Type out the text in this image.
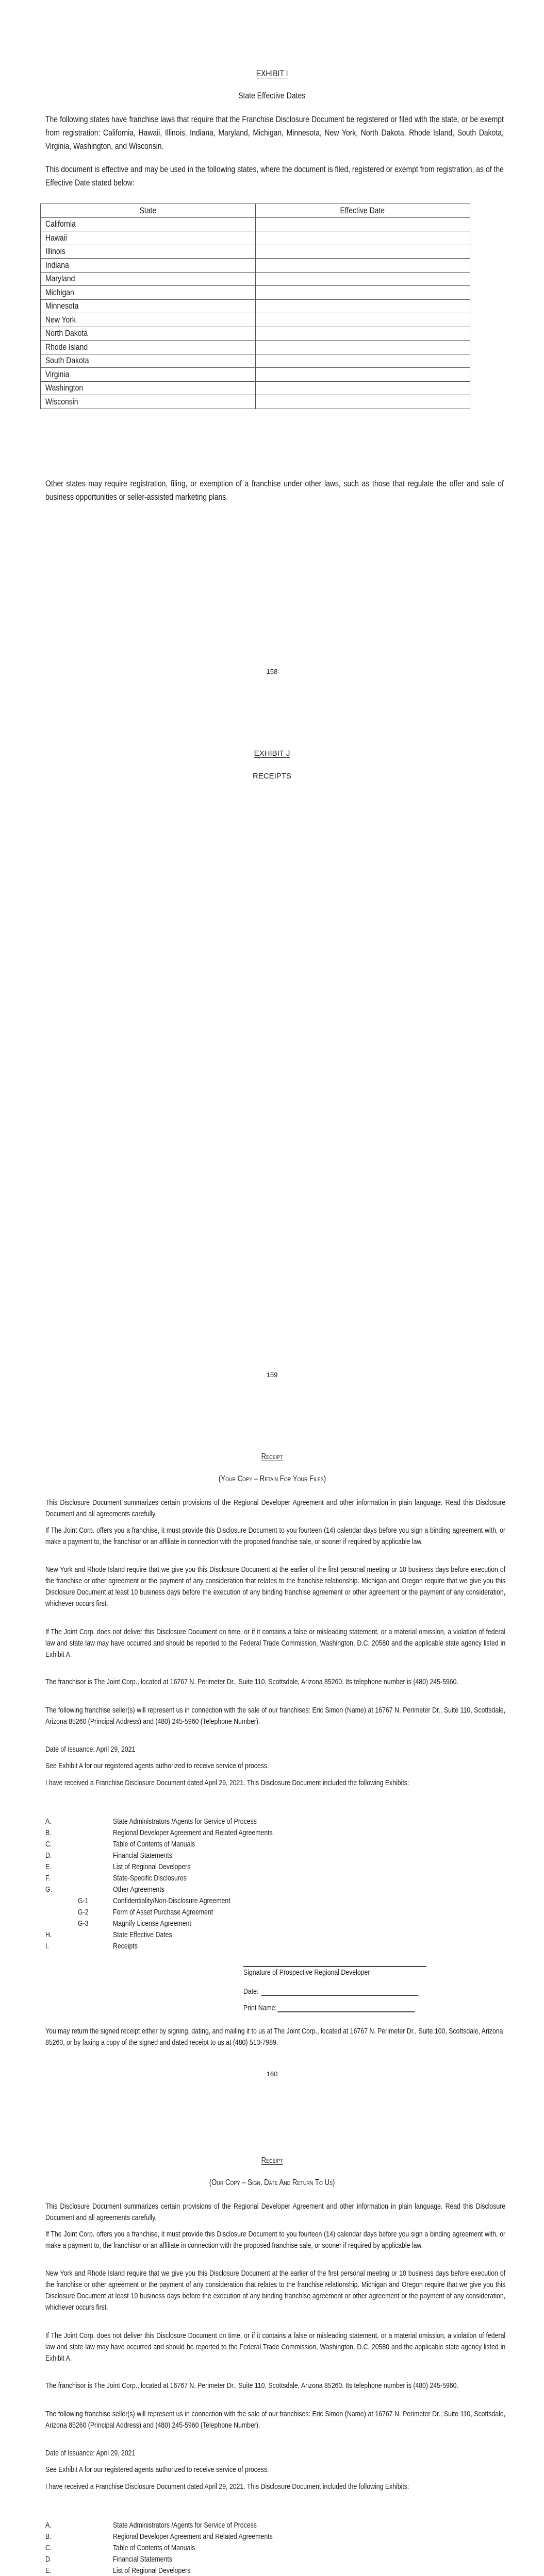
EXHIBIT I
State Effective Dates

The following states have franchise laws that require that the Franchise Disclosure Document be registered or filed with the state, or be exempt from registration: California, Hawaii, Illinois, Indiana, Maryland, Michigan, Minnesota, New York, North Dakota, Rhode Island, South Dakota, Virginia, Washington, and Wisconsin.

This document is effective and may be used in the following states, where the document is filed, registered or exempt from registration, as of the Effective Date stated below:

State	Effective Date
California	
Hawaii	
Illinois	
Indiana	
Maryland	
Michigan	
Minnesota	
New York	
North Dakota	
Rhode Island	
South Dakota	
Virginia	
Washington	
Wisconsin	

Other states may require registration, filing, or exemption of a franchise under other laws, such as those that regulate the offer and sale of business opportunities or seller-assisted marketing plans.

158
EXHIBIT J
RECEIPTS
159
Receipt
(Your Copy – Retain For Your Files)

This Disclosure Document summarizes certain provisions of the Regional Developer Agreement and other information in plain language. Read this Disclosure Document and all agreements carefully.

If The Joint Corp. offers you a franchise, it must provide this Disclosure Document to you fourteen (14) calendar days before you sign a binding agreement with, or make a payment to, the franchisor or an affiliate in connection with the proposed franchise sale, or sooner if required by applicable law.

New York and Rhode Island require that we give you this Disclosure Document at the earlier of the first personal meeting or 10 business days before execution of the franchise or other agreement or the payment of any consideration that relates to the franchise relationship. Michigan and Oregon require that we give you this Disclosure Document at least 10 business days before the execution of any binding franchise agreement or other agreement or the payment of any consideration, whichever occurs first.

If The Joint Corp. does not deliver this Disclosure Document on time, or if it contains a false or misleading statement, or a material omission, a violation of federal law and state law may have occurred and should be reported to the Federal Trade Commission, Washington, D.C. 20580 and the applicable state agency listed in Exhibit A.

The franchisor is The Joint Corp., located at 16767 N. Perimeter Dr., Suite 110, Scottsdale, Arizona 85260. Its telephone number is (480) 245-5960.

The following franchise seller(s) will represent us in connection with the sale of our franchises: Eric Simon (Name) at 16767 N. Perimeter Dr., Suite 110, Scottsdale, Arizona 85260 (Principal Address) and (480) 245-5960 (Telephone Number).

Date of Issuance: April 29, 2021

See Exhibit A for our registered agents authorized to receive service of process.

I have received a Franchise Disclosure Document dated April 29, 2021. This Disclosure Document included the following Exhibits:

A.	State Administrators /Agents for Service of Process
B.	Regional Developer Agreement and Related Agreements
C.	Table of Contents of Manuals
D.	Financial Statements
E.	List of Regional Developers
F.	State-Specific Disclosures
G.	Other Agreements
G-1	Confidentiality/Non-Disclosure Agreement
G-2	Form of Asset Purchase Agreement
G-3	Magnify License Agreement
H.	State Effective Dates
I.	Receipts
Signature of Prospective Regional Developer
Date:
Print Name:

You may return the signed receipt either by signing, dating, and mailing it to us at The Joint Corp., located at 16767 N. Perimeter Dr., Suite 100, Scottsdale, Arizona 85260, or by faxing a copy of the signed and dated receipt to us at (480) 513-7989.

160
Receipt
(Our Copy – Sign, Date And Return To Us)

This Disclosure Document summarizes certain provisions of the Regional Developer Agreement and other information in plain language. Read this Disclosure Document and all agreements carefully.

If The Joint Corp. offers you a franchise, it must provide this Disclosure Document to you fourteen (14) calendar days before you sign a binding agreement with, or make a payment to, the franchisor or an affiliate in connection with the proposed franchise sale, or sooner if required by applicable law.

New York and Rhode Island require that we give you this Disclosure Document at the earlier of the first personal meeting or 10 business days before execution of the franchise or other agreement or the payment of any consideration that relates to the franchise relationship. Michigan and Oregon require that we give you this Disclosure Document at least 10 business days before the execution of any binding franchise agreement or other agreement or the payment of any consideration, whichever occurs first.

If The Joint Corp. does not deliver this Disclosure Document on time, or if it contains a false or misleading statement, or a material omission, a violation of federal law and state law may have occurred and should be reported to the Federal Trade Commission, Washington, D.C. 20580 and the applicable state agency listed in Exhibit A.

The franchisor is The Joint Corp., located at 16767 N. Perimeter Dr., Suite 110, Scottsdale, Arizona 85260. Its telephone number is (480) 245-5960.

The following franchise seller(s) will represent us in connection with the sale of our franchises: Eric Simon (Name) at 16767 N. Perimeter Dr., Suite 110, Scottsdale, Arizona 85260 (Principal Address) and (480) 245-5960 (Telephone Number).

Date of Issuance: April 29, 2021

See Exhibit A for our registered agents authorized to receive service of process.

I have received a Franchise Disclosure Document dated April 29, 2021. This Disclosure Document included the following Exhibits:

A.	State Administrators /Agents for Service of Process
B.	Regional Developer Agreement and Related Agreements
C.	Table of Contents of Manuals
D.	Financial Statements
E.	List of Regional Developers
